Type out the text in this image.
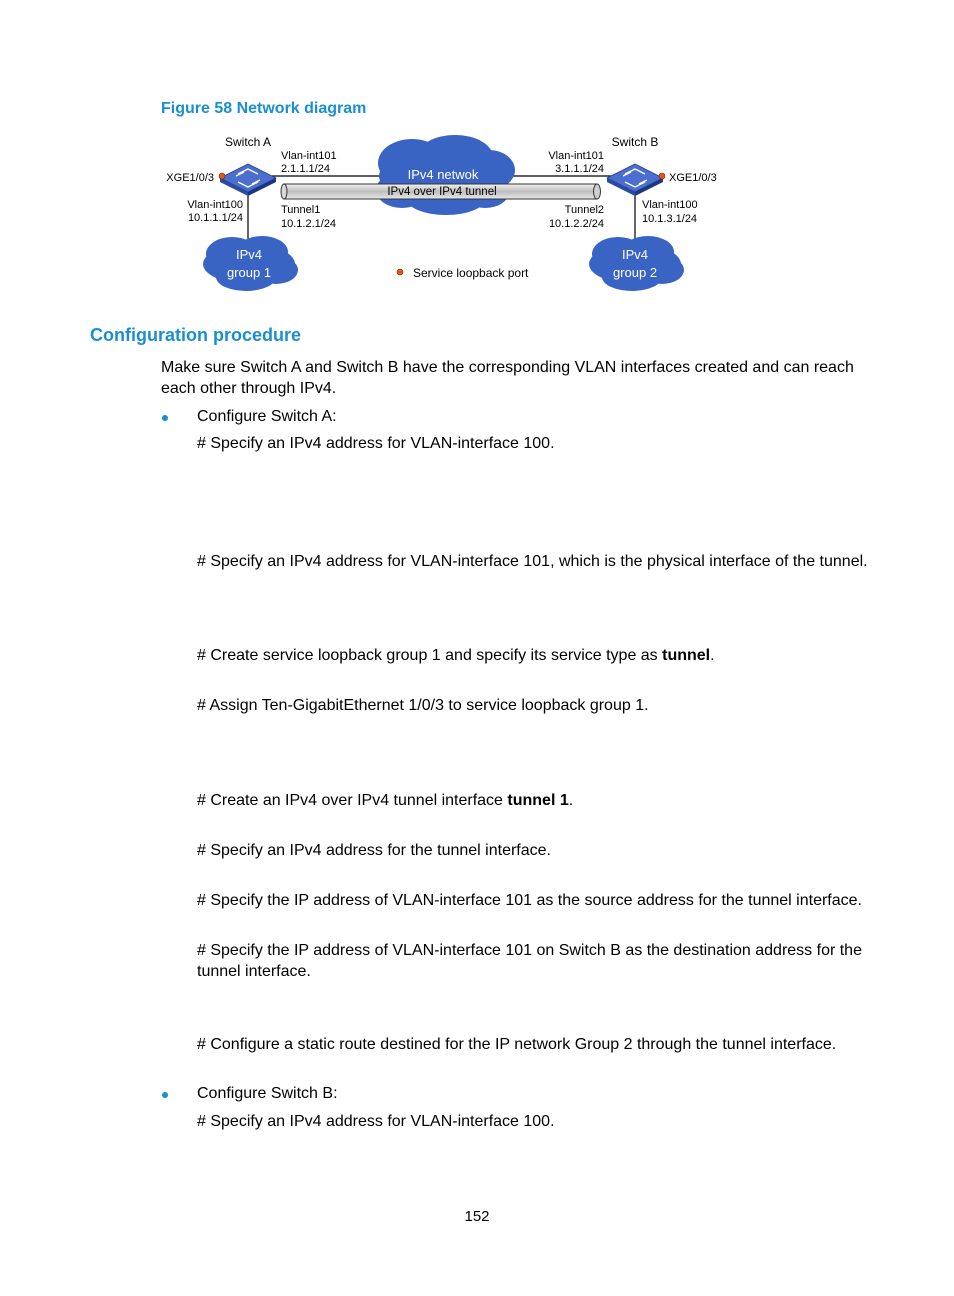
Figure 58 Network diagram
IPv4 netwok
IPv4 over IPv4 tunnel
Switch A
XGE1/0/3
Vlan-int101
2.1.1.1/24
Vlan-int100
10.1.1.1/24
Tunnel1
10.1.2.1/24
Switch B
XGE1/0/3
Vlan-int101
3.1.1.1/24
Vlan-int100
10.1.3.1/24
Tunnel2
10.1.2.2/24
IPv4
group 1
IPv4
group 2
Service loopback port
Configuration procedure
Make sure Switch A and Switch B have the corresponding VLAN interfaces created and can reach each other through IPv4.
Configure Switch A:
# Specify an IPv4 address for VLAN-interface 100.
# Specify an IPv4 address for VLAN-interface 101, which is the physical interface of the tunnel.
# Create service loopback group 1 and specify its service type as tunnel.
# Assign Ten-GigabitEthernet 1/0/3 to service loopback group 1.
# Create an IPv4 over IPv4 tunnel interface tunnel 1.
# Specify an IPv4 address for the tunnel interface.
# Specify the IP address of VLAN-interface 101 as the source address for the tunnel interface.
# Specify the IP address of VLAN-interface 101 on Switch B as the destination address for the tunnel interface.
# Configure a static route destined for the IP network Group 2 through the tunnel interface.
Configure Switch B:
# Specify an IPv4 address for VLAN-interface 100.
152
